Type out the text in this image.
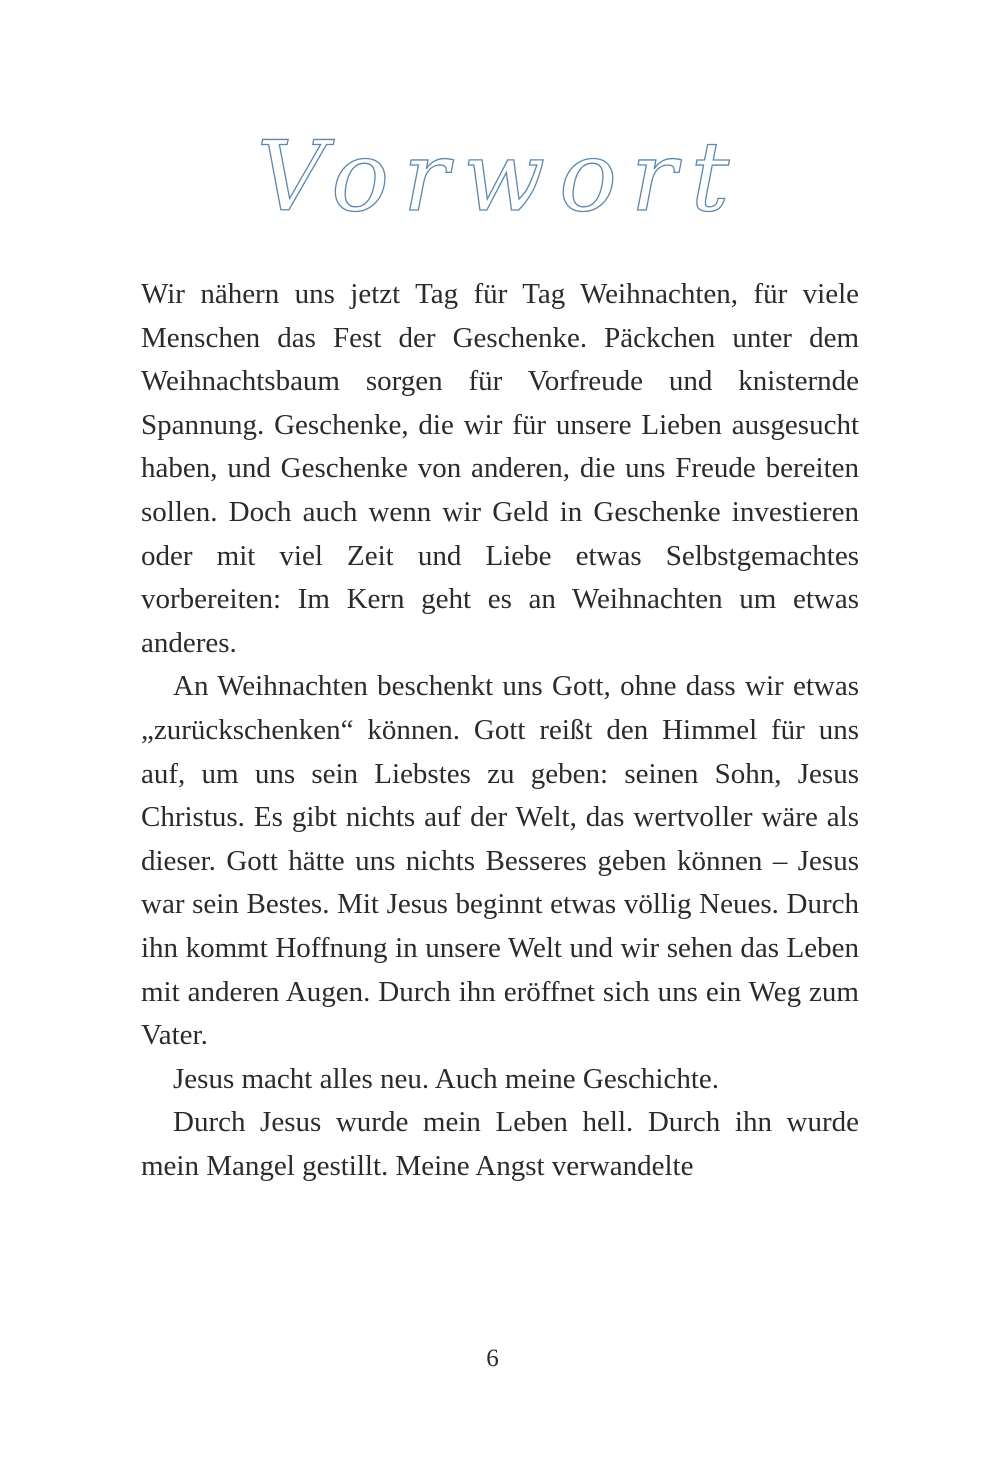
Vorwort

Wir nähern uns jetzt Tag für Tag Weihnachten, für viele Menschen das Fest der Geschenke. Päckchen unter dem Weihnachtsbaum sorgen für Vorfreude und knisternde Spannung. Geschenke, die wir für unsere Lieben ausgesucht haben, und Geschenke von anderen, die uns Freude bereiten sollen. Doch auch wenn wir Geld in Geschenke investieren oder mit viel Zeit und Liebe etwas Selbstgemachtes vorbereiten: Im Kern geht es an Weihnachten um etwas anderes.

An Weihnachten beschenkt uns Gott, ohne dass wir etwas „zurückschenken“ können. Gott reißt den Himmel für uns auf, um uns sein Liebstes zu geben: seinen Sohn, Jesus Christus. Es gibt nichts auf der Welt, das wertvoller wäre als dieser. Gott hätte uns nichts Besseres geben können – Jesus war sein Bestes. Mit Jesus beginnt etwas völlig Neues. Durch ihn kommt Hoffnung in unsere Welt und wir sehen das Leben mit anderen Augen. Durch ihn eröffnet sich uns ein Weg zum Vater.

Jesus macht alles neu. Auch meine Geschichte.

Durch Jesus wurde mein Leben hell. Durch ihn wurde mein Mangel gestillt. Meine Angst verwandelte

6
